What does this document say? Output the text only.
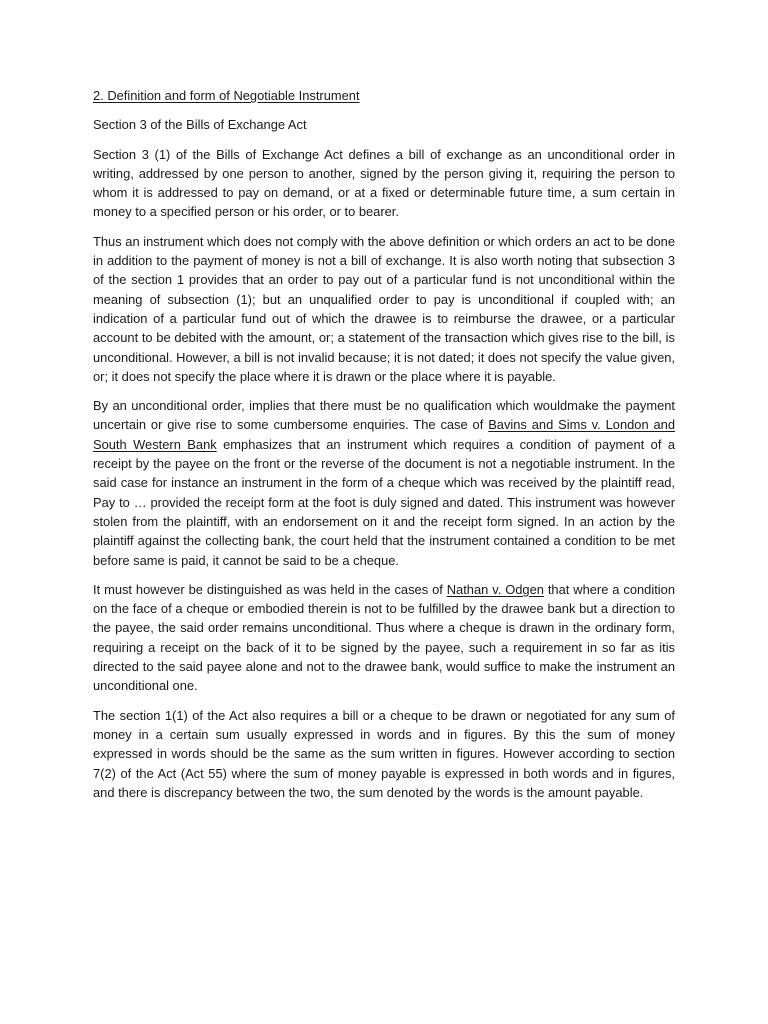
2. Definition and form of Negotiable Instrument
Section 3 of the Bills of Exchange Act

Section 3 (1) of the Bills of Exchange Act defines a bill of exchange as an unconditional order in writing, addressed by one person to another, signed by the person giving it, requiring the person to whom it is addressed to pay on demand, or at a fixed or determinable future time, a sum certain in money to a specified person or his order, or to bearer.

Thus an instrument which does not comply with the above definition or which orders an act to be done in addition to the payment of money is not a bill of exchange. It is also worth noting that subsection 3 of the section 1 provides that an order to pay out of a particular fund is not unconditional within the meaning of subsection (1); but an unqualified order to pay is unconditional if coupled with; an indication of a particular fund out of which the drawee is to reimburse the drawee, or a particular account to be debited with the amount, or; a statement of the transaction which gives rise to the bill, is unconditional. However, a bill is not invalid because; it is not dated; it does not specify the value given, or; it does not specify the place where it is drawn or the place where it is payable.

By an unconditional order, implies that there must be no qualification which wouldmake the payment uncertain or give rise to some cumbersome enquiries. The case of Bavins and Sims v. London and South Western Bank emphasizes that an instrument which requires a condition of payment of a receipt by the payee on the front or the reverse of the document is not a negotiable instrument. In the said case for instance an instrument in the form of a cheque which was received by the plaintiff read, Pay to … provided the receipt form at the foot is duly signed and dated. This instrument was however stolen from the plaintiff, with an endorsement on it and the receipt form signed. In an action by the plaintiff against the collecting bank, the court held that the instrument contained a condition to be met before same is paid, it cannot be said to be a cheque.

It must however be distinguished as was held in the cases of Nathan v. Odgen that where a condition on the face of a cheque or embodied therein is not to be fulfilled by the drawee bank but a direction to the payee, the said order remains unconditional. Thus where a cheque is drawn in the ordinary form, requiring a receipt on the back of it to be signed by the payee, such a requirement in so far as itis directed to the said payee alone and not to the drawee bank, would suffice to make the instrument an unconditional one.

The section 1(1) of the Act also requires a bill or a cheque to be drawn or negotiated for any sum of money in a certain sum usually expressed in words and in figures. By this the sum of money expressed in words should be the same as the sum written in figures. However according to section 7(2) of the Act (Act 55) where the sum of money payable is expressed in both words and in figures, and there is discrepancy between the two, the sum denoted by the words is the amount payable.
